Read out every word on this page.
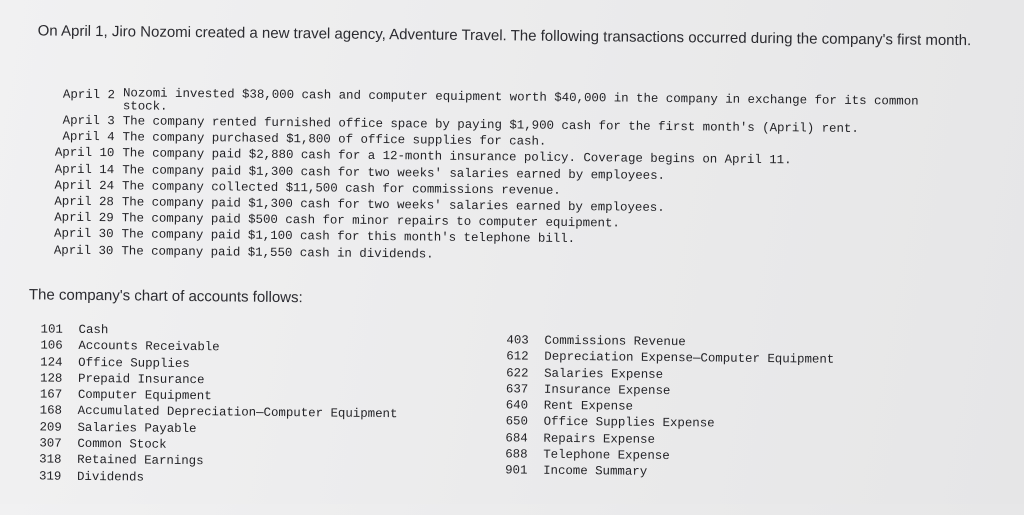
On April 1, Jiro Nozomi created a new travel agency, Adventure Travel. The following transactions occurred during the company's first month.
April 2 Nozomi invested $38,000 cash and computer equipment worth $40,000 in the company in exchange for its common stock.
April 3 The company rented furnished office space by paying $1,900 cash for the first month's (April) rent.
April 4 The company purchased $1,800 of office supplies for cash.
April 10 The company paid $2,880 cash for a 12-month insurance policy. Coverage begins on April 11.
April 14 The company paid $1,300 cash for two weeks' salaries earned by employees.
April 24 The company collected $11,500 cash for commissions revenue.
April 28 The company paid $1,300 cash for two weeks' salaries earned by employees.
April 29 The company paid $500 cash for minor repairs to computer equipment.
April 30 The company paid $1,100 cash for this month's telephone bill.
April 30 The company paid $1,550 cash in dividends.
The company's chart of accounts follows:
101	Cash
106	Accounts Receivable
124	Office Supplies
128	Prepaid Insurance
167	Computer Equipment
168	Accumulated Depreciation—Computer Equipment
209	Salaries Payable
307	Common Stock
318	Retained Earnings
319	Dividends
403	Commissions Revenue
612	Depreciation Expense—Computer Equipment
622	Salaries Expense
637	Insurance Expense
640	Rent Expense
650	Office Supplies Expense
684	Repairs Expense
688	Telephone Expense
901	Income Summary
